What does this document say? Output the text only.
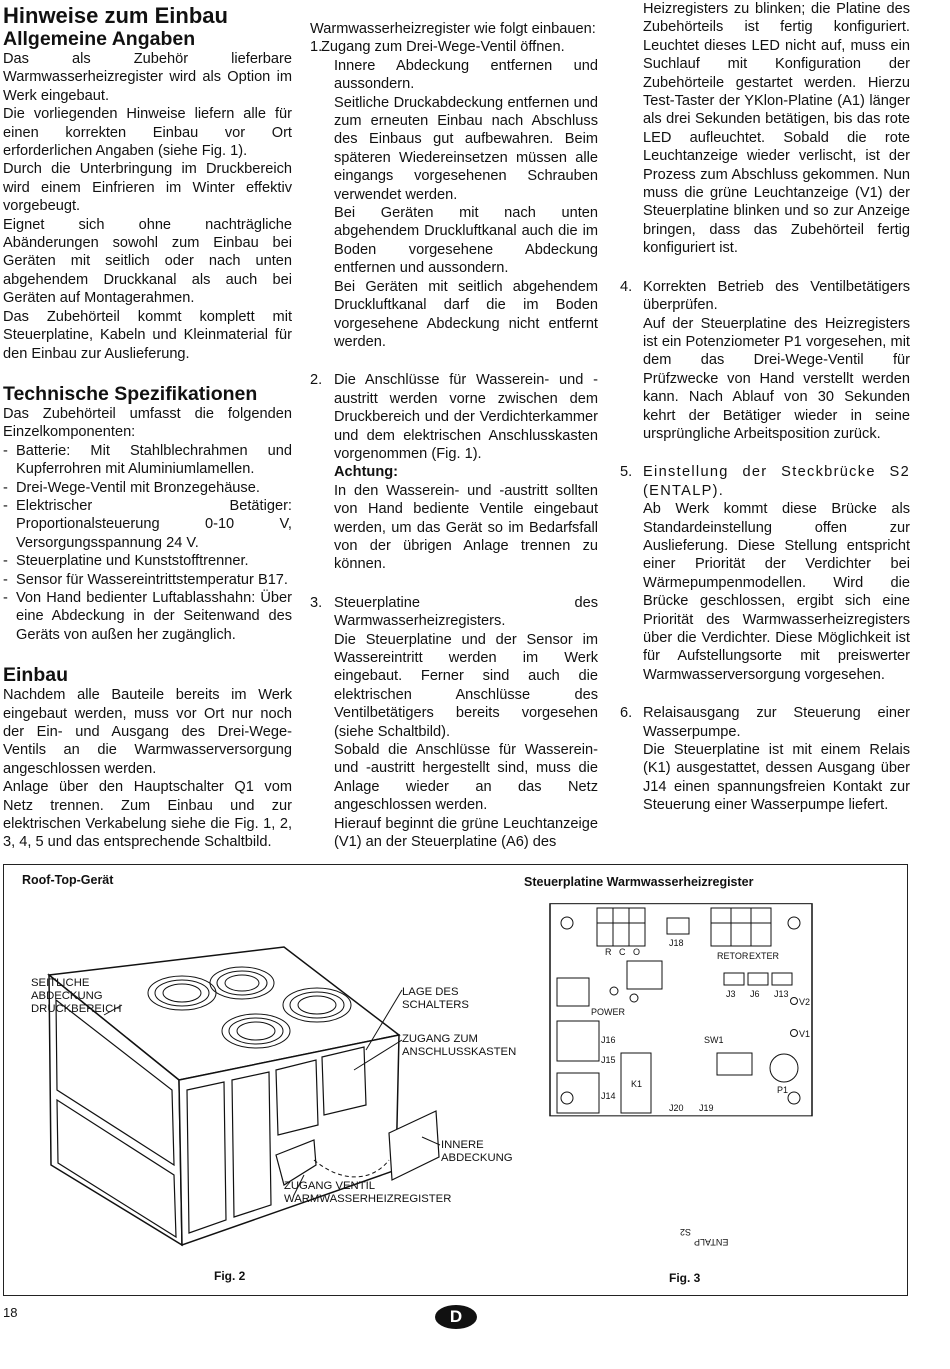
Hinweise zum Einbau
Allgemeine Angaben

Das als Zubehör lieferbare Warmwasserheizregister wird als Option im Werk eingebaut.

Die vorliegenden Hinweise liefern alle für einen korrekten Einbau vor Ort erforderlichen Angaben (siehe Fig. 1).

Durch die Unterbringung im Druckbereich wird einem Einfrieren im Winter effektiv vorgebeugt.

Eignet sich ohne nachträgliche Abänderungen sowohl zum Einbau bei Geräten mit seitlich oder nach unten abgehendem Druckkanal als auch bei Geräten auf Montagerahmen.

Das Zubehörteil kommt komplett mit Steuerplatine, Kabeln und Kleinmaterial für den Einbau zur Auslieferung.

Technische Spezifikationen

Das Zubehörteil umfasst die folgenden Einzelkomponenten:

- Batterie: Mit Stahlblechrahmen und Kupferrohren mit Aluminiumlamellen.
- Drei-Wege-Ventil mit Bronzegehäuse.
- Elektrischer Betätiger: Proportionalsteuerung 0-10 V, Versorgungsspannung 24 V.
- Steuerplatine und Kunststofftrenner.
- Sensor für Wassereintrittstemperatur B17.
- Von Hand bedienter Luftablasshahn: Über eine Abdeckung in der Seitenwand des Geräts von außen her zugänglich.
Einbau

Nachdem alle Bauteile bereits im Werk eingebaut werden, muss vor Ort nur noch der Ein- und Ausgang des Drei-Wege-Ventils an die Warmwasserversorgung angeschlossen werden.

Anlage über den Hauptschalter Q1 vom Netz trennen. Zum Einbau und zur elektrischen Verkabelung siehe die Fig. 1, 2, 3, 4, 5 und das entsprechende Schaltbild.

Warmwasserheizregister wie folgt einbauen:

1.

Zugang zum Drei-Wege-Ventil öffnen.

Innere Abdeckung entfernen und aussondern.

Seitliche Druckabdeckung entfernen und zum erneuten Einbau nach Abschluss des Einbaus gut aufbewahren. Beim späteren Wiedereinsetzen müssen alle eingangs vorgesehenen Schrauben verwendet werden.

Bei Geräten mit nach unten abgehendem Druckluftkanal auch die im Boden vorgesehene Abdeckung entfernen und aussondern.

Bei Geräten mit seitlich abgehendem Druckluftkanal darf die im Boden vorgesehene Abdeckung nicht entfernt werden.

2. Die Anschlüsse für Wasserein- und -austritt werden vorne zwischen dem Druckbereich und der Verdichterkammer und dem elektrischen Anschlusskasten vorgenommen (Fig. 1).

Achtung:

In den Wasserein- und -austritt sollten von Hand bediente Ventile eingebaut werden, um das Gerät so im Bedarfsfall von der übrigen Anlage trennen zu können.

3. Steuerplatine des Warmwasserheizregisters.

Die Steuerplatine und der Sensor im Wassereintritt werden im Werk eingebaut. Ferner sind auch die elektrischen Anschlüsse des Ventilbetätigers bereits vorgesehen (siehe Schaltbild).

Sobald die Anschlüsse für Wasserein- und -austritt hergestellt sind, muss die Anlage wieder an das Netz angeschlossen werden.

Hierauf beginnt die grüne Leuchtanzeige (V1) an der Steuerplatine (A6) des

Heizregisters zu blinken; die Platine des Zubehörteils ist fertig konfiguriert. Leuchtet dieses LED nicht auf, muss ein Suchlauf mit Konfiguration der Zubehörteile gestartet werden. Hierzu Test-Taster der YKlon-Platine (A1) länger als drei Sekunden betätigen, bis das rote LED aufleuchtet. Sobald die rote Leuchtanzeige wieder verlischt, ist der Prozess zum Abschluss gekommen. Nun muss die grüne Leuchtanzeige (V1) der Steuerplatine blinken und so zur Anzeige bringen, dass das Zubehörteil fertig konfiguriert ist.

4. Korrekten Betrieb des Ventilbetätigers überprüfen.

Auf der Steuerplatine des Heizregisters ist ein Potenziometer P1 vorgesehen, mit dem das Drei-Wege-Ventil für Prüfzwecke von Hand verstellt werden kann. Nach Ablauf von 30 Sekunden kehrt der Betätiger wieder in seine ursprüngliche Arbeitsposition zurück.

5. Einstellung der Steckbrücke S2 (ENTALP).

Ab Werk kommt diese Brücke als Standardeinstellung offen zur Auslieferung. Diese Stellung entspricht einer Priorität der Verdichter bei Wärmepumpenmodellen. Wird die Brücke geschlossen, ergibt sich eine Priorität des Warmwasserheizregisters über die Verdichter. Diese Möglichkeit ist für Aufstellungsorte mit preiswerter Warmwasserversorgung vorgesehen.

6. Relaisausgang zur Steuerung einer Wasserpumpe.

Die Steuerplatine ist mit einem Relais (K1) ausgestattet, dessen Ausgang über J14 einen spannungsfreien Kontakt zur Steuerung einer Wasserpumpe liefert.

Roof-Top-Gerät	Steuerplatine Warmwasserheizregister
SEITLICHE
ABDECKUNG
DRUCKBEREICH
LAGE DES
SCHALTERS
ZUGANG ZUM
ANSCHLUSSKASTEN
INNERE
ABDECKUNG
ZUGANG VENTIL
WARMWASSERHEIZREGISTER
R C O
J18
RETOR EXTER
J3 J6 J13
POWER
J16
J15
J14
SW1
V1
V2
K1
P1
J20 J19
S2
ENTALP
Fig. 2	Fig. 3
18	D
